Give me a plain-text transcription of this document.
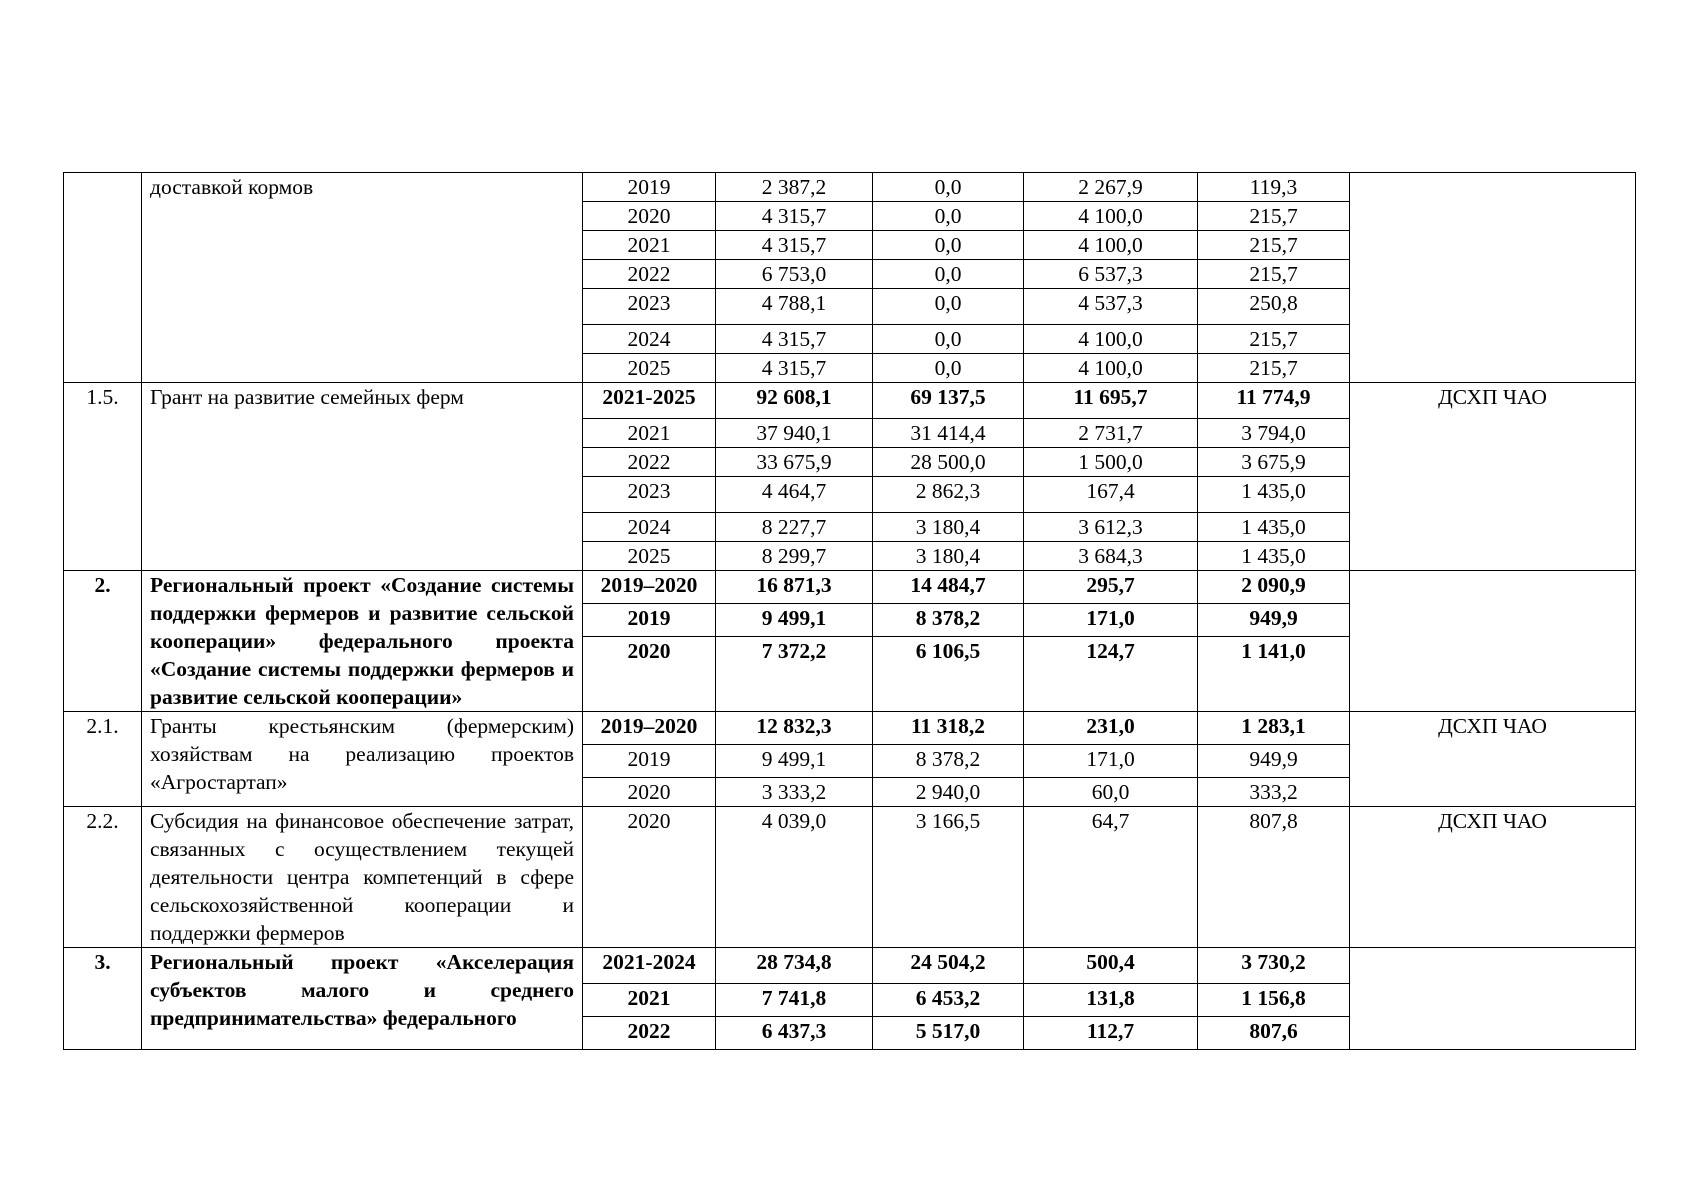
	доставкой кормов	2019	2 387,2	0,0	2 267,9	119,3	
		2020	4 315,7	0,0	4 100,0	215,7	
		2021	4 315,7	0,0	4 100,0	215,7	
		2022	6 753,0	0,0	6 537,3	215,7	
		2023	4 788,1	0,0	4 537,3	250,8	
		2024	4 315,7	0,0	4 100,0	215,7	
		2025	4 315,7	0,0	4 100,0	215,7	
1.5.	Грант на развитие семейных ферм	2021-2025	92 608,1	69 137,5	11 695,7	11 774,9	ДСХП ЧАО
		2021	37 940,1	31 414,4	2 731,7	3 794,0	
		2022	33 675,9	28 500,0	1 500,0	3 675,9	
		2023	4 464,7	2 862,3	167,4	1 435,0	
		2024	8 227,7	3 180,4	3 612,3	1 435,0	
		2025	8 299,7	3 180,4	3 684,3	1 435,0	
2.	Региональный проект «Создание системы поддержки фермеров и развитие сельской кооперации» федерального проекта «Создание системы поддержки фермеров и развитие сельской кооперации»	2019–2020	16 871,3	14 484,7	295,7	2 090,9	
		2019	9 499,1	8 378,2	171,0	949,9	
		2020	7 372,2	6 106,5	124,7	1 141,0	
2.1.	Гранты крестьянским (фермерским) хозяйствам на реализацию проектов «Агростартап»	2019–2020	12 832,3	11 318,2	231,0	1 283,1	ДСХП ЧАО
		2019	9 499,1	8 378,2	171,0	949,9	
		2020	3 333,2	2 940,0	60,0	333,2	
2.2.	Субсидия на финансовое обеспечение затрат, связанных с осуществлением текущей деятельности центра компетенций в сфере сельскохозяйственной кооперации и поддержки фермеров	2020	4 039,0	3 166,5	64,7	807,8	ДСХП ЧАО
3.	Региональный проект «Акселерация субъектов малого и среднего предпринимательства» федерального	2021-2024	28 734,8	24 504,2	500,4	3 730,2	
		2021	7 741,8	6 453,2	131,8	1 156,8	
		2022	6 437,3	5 517,0	112,7	807,6	
